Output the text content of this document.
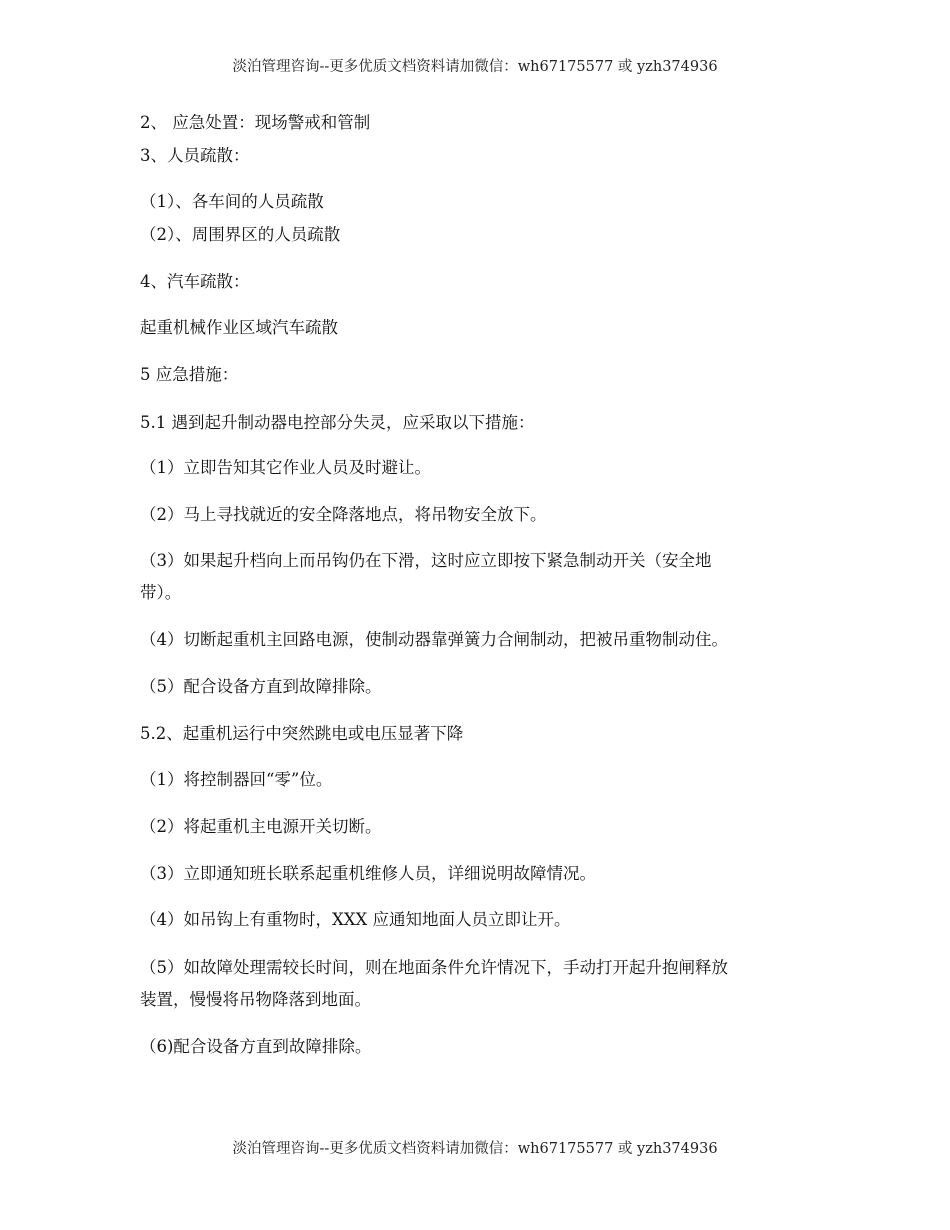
淡泊管理咨询--更多优质文档资料请加微信：wh67175577 或 yzh374936
2、 应急处置：现场警戒和管制
3、人员疏散：
（1）、各车间的人员疏散
（2）、周围界区的人员疏散
4、汽车疏散：
起重机械作业区域汽车疏散
5 应急措施：
5.1 遇到起升制动器电控部分失灵，应采取以下措施：
（1）立即告知其它作业人员及时避让。
（2）马上寻找就近的安全降落地点，将吊物安全放下。
（3）如果起升档向上而吊钩仍在下滑，这时应立即按下紧急制动开关（安全地
带）。
（4）切断起重机主回路电源，使制动器靠弹簧力合闸制动，把被吊重物制动住。
（5）配合设备方直到故障排除。
5.2、起重机运行中突然跳电或电压显著下降
（1）将控制器回“零”位。
（2）将起重机主电源开关切断。
（3）立即通知班长联系起重机维修人员，详细说明故障情况。
（4）如吊钩上有重物时，XXX 应通知地面人员立即让开。
（5）如故障处理需较长时间，则在地面条件允许情况下，手动打开起升抱闸释放
装置，慢慢将吊物降落到地面。
（6)配合设备方直到故障排除。
淡泊管理咨询--更多优质文档资料请加微信：wh67175577 或 yzh374936
